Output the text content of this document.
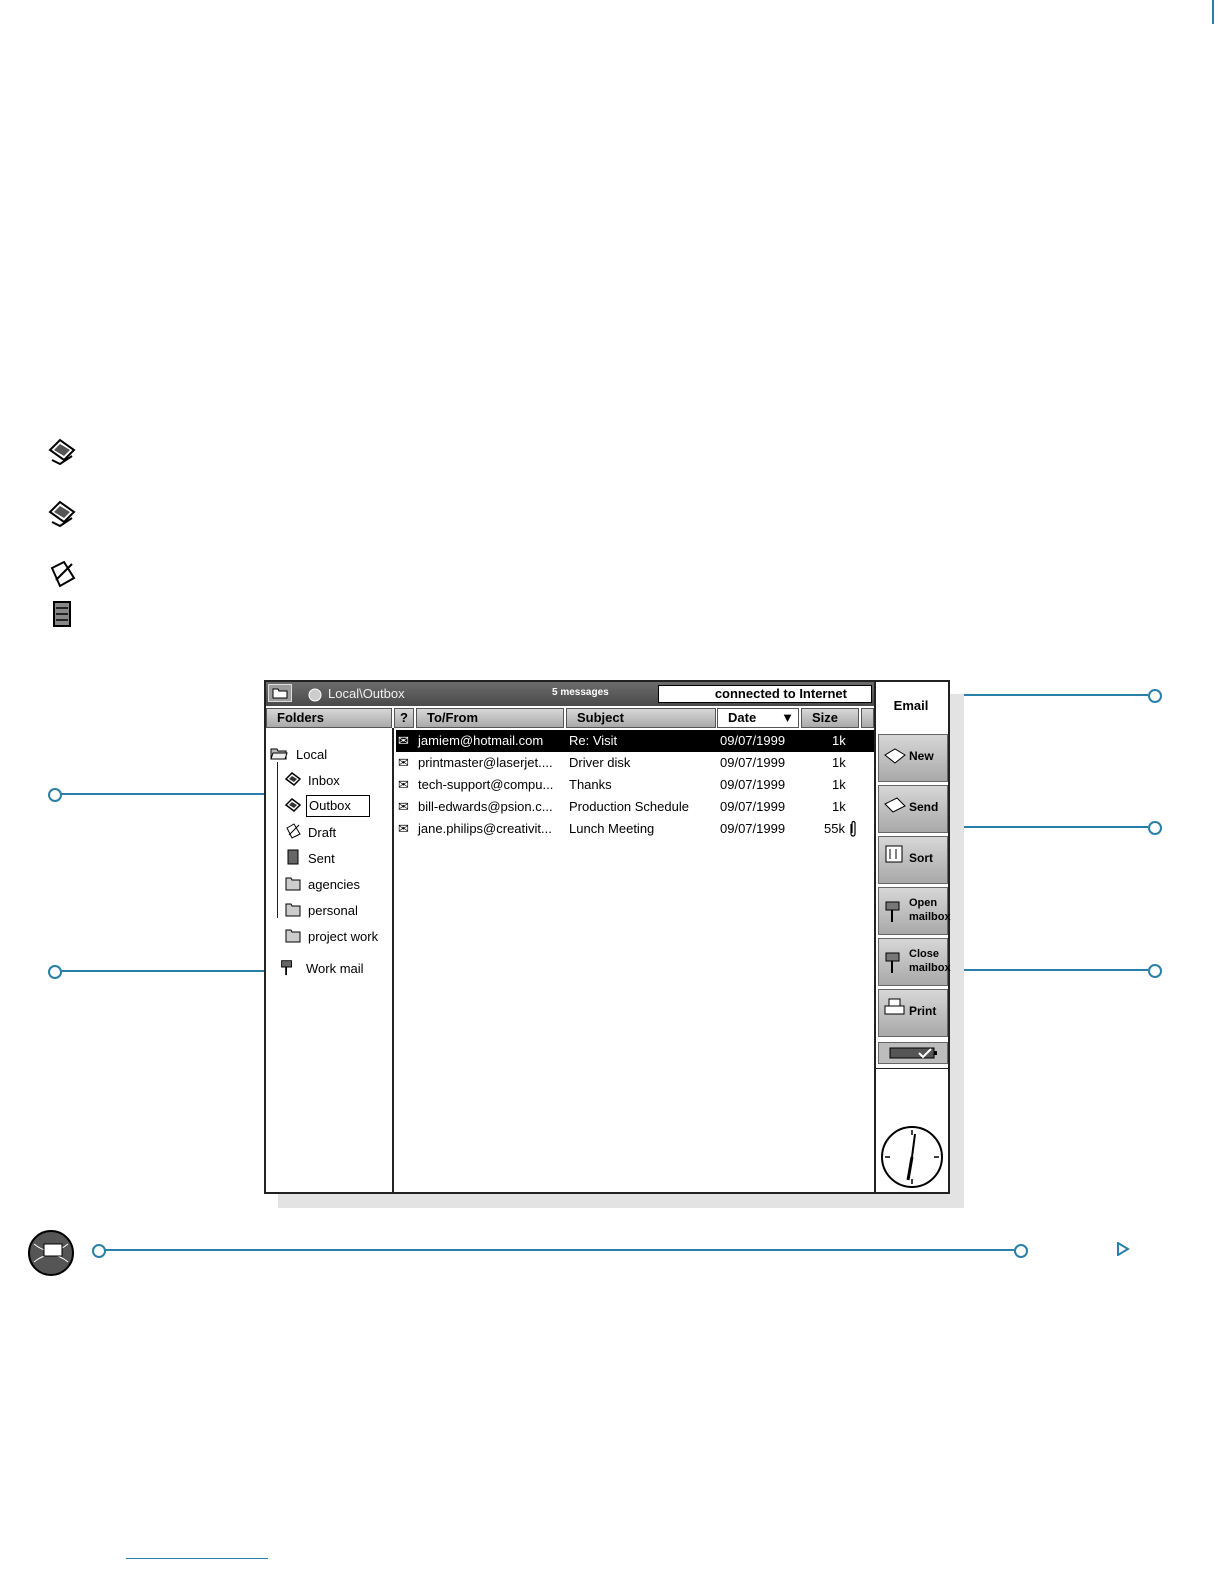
Local\Outbox	5 messages	connected to Internet
Folders	?	To/From	Subject	Date ▼	Size
Local
Inbox
Outbox
Draft
Sent
agencies
personal
project work
Work mail
✉ jamiem@hotmail.com Re: Visit	09/07/1999	1k
✉ printmaster@laserjet.... Driver disk	09/07/1999	1k
✉ tech-support@compu... Thanks	09/07/1999	1k
✉ bill-edwards@psion.c... Production Schedule 09/07/1999	1k
✉ jane.philips@creativit... Lunch Meeting	09/07/1999	55k
Email
New
Send
Sort
Open mailbox
Close mailbox
Print
